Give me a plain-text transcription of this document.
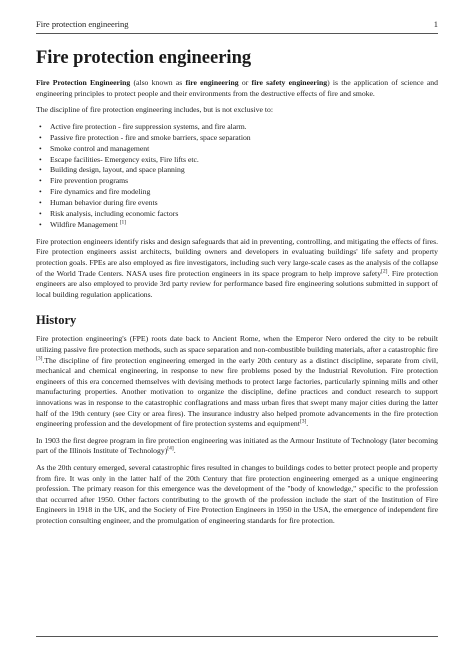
Fire protection engineering	1
Fire protection engineering

Fire Protection Engineering (also known as fire engineering or fire safety engineering) is the application of science and engineering principles to protect people and their environments from the destructive effects of fire and smoke.

The discipline of fire protection engineering includes, but is not exclusive to:

• Active fire protection - fire suppression systems, and fire alarm.
• Passive fire protection - fire and smoke barriers, space separation
• Smoke control and management
• Escape facilities- Emergency exits, Fire lifts etc.
• Building design, layout, and space planning
• Fire prevention programs
• Fire dynamics and fire modeling
• Human behavior during fire events
• Risk analysis, including economic factors
• Wildfire Management [1]

Fire protection engineers identify risks and design safeguards that aid in preventing, controlling, and mitigating the effects of fires. Fire protection engineers assist architects, building owners and developers in evaluating buildings' life safety and property protection goals. FPEs are also employed as fire investigators, including such very large-scale cases as the analysis of the collapse of the World Trade Centers. NASA uses fire protection engineers in its space program to help improve safety[2]. Fire protection engineers are also employed to provide 3rd party review for performance based fire engineering solutions submitted in support of local building regulation applications.

History

Fire protection engineering's (FPE) roots date back to Ancient Rome, when the Emperor Nero ordered the city to be rebuilt utilizing passive fire protection methods, such as space separation and non-combustible building materials, after a catastrophic fire [3].The discipline of fire protection engineering emerged in the early 20th century as a distinct discipline, separate from civil, mechanical and chemical engineering, in response to new fire problems posed by the Industrial Revolution. Fire protection engineers of this era concerned themselves with devising methods to protect large factories, particularly spinning mills and other manufacturing properties. Another motivation to organize the discipline, define practices and conduct research to support innovations was in response to the catastrophic conflagrations and mass urban fires that swept many major cities during the latter half of the 19th century (see City or area fires). The insurance industry also helped promote advancements in the fire protection engineering profession and the development of fire protection systems and equipment[3].

In 1903 the first degree program in fire protection engineering was initiated as the Armour Institute of Technology (later becoming part of the Illinois Institute of Technology)[4].

As the 20th century emerged, several catastrophic fires resulted in changes to buildings codes to better protect people and property from fire. It was only in the latter half of the 20th Century that fire protection engineering emerged as a unique engineering profession. The primary reason for this emergence was the development of the "body of knowledge," specific to the profession that occurred after 1950. Other factors contributing to the growth of the profession include the start of the Institution of Fire Engineers in 1918 in the UK, and the Society of Fire Protection Engineers in 1950 in the USA, the emergence of independent fire protection consulting engineer, and the promulgation of engineering standards for fire protection.
